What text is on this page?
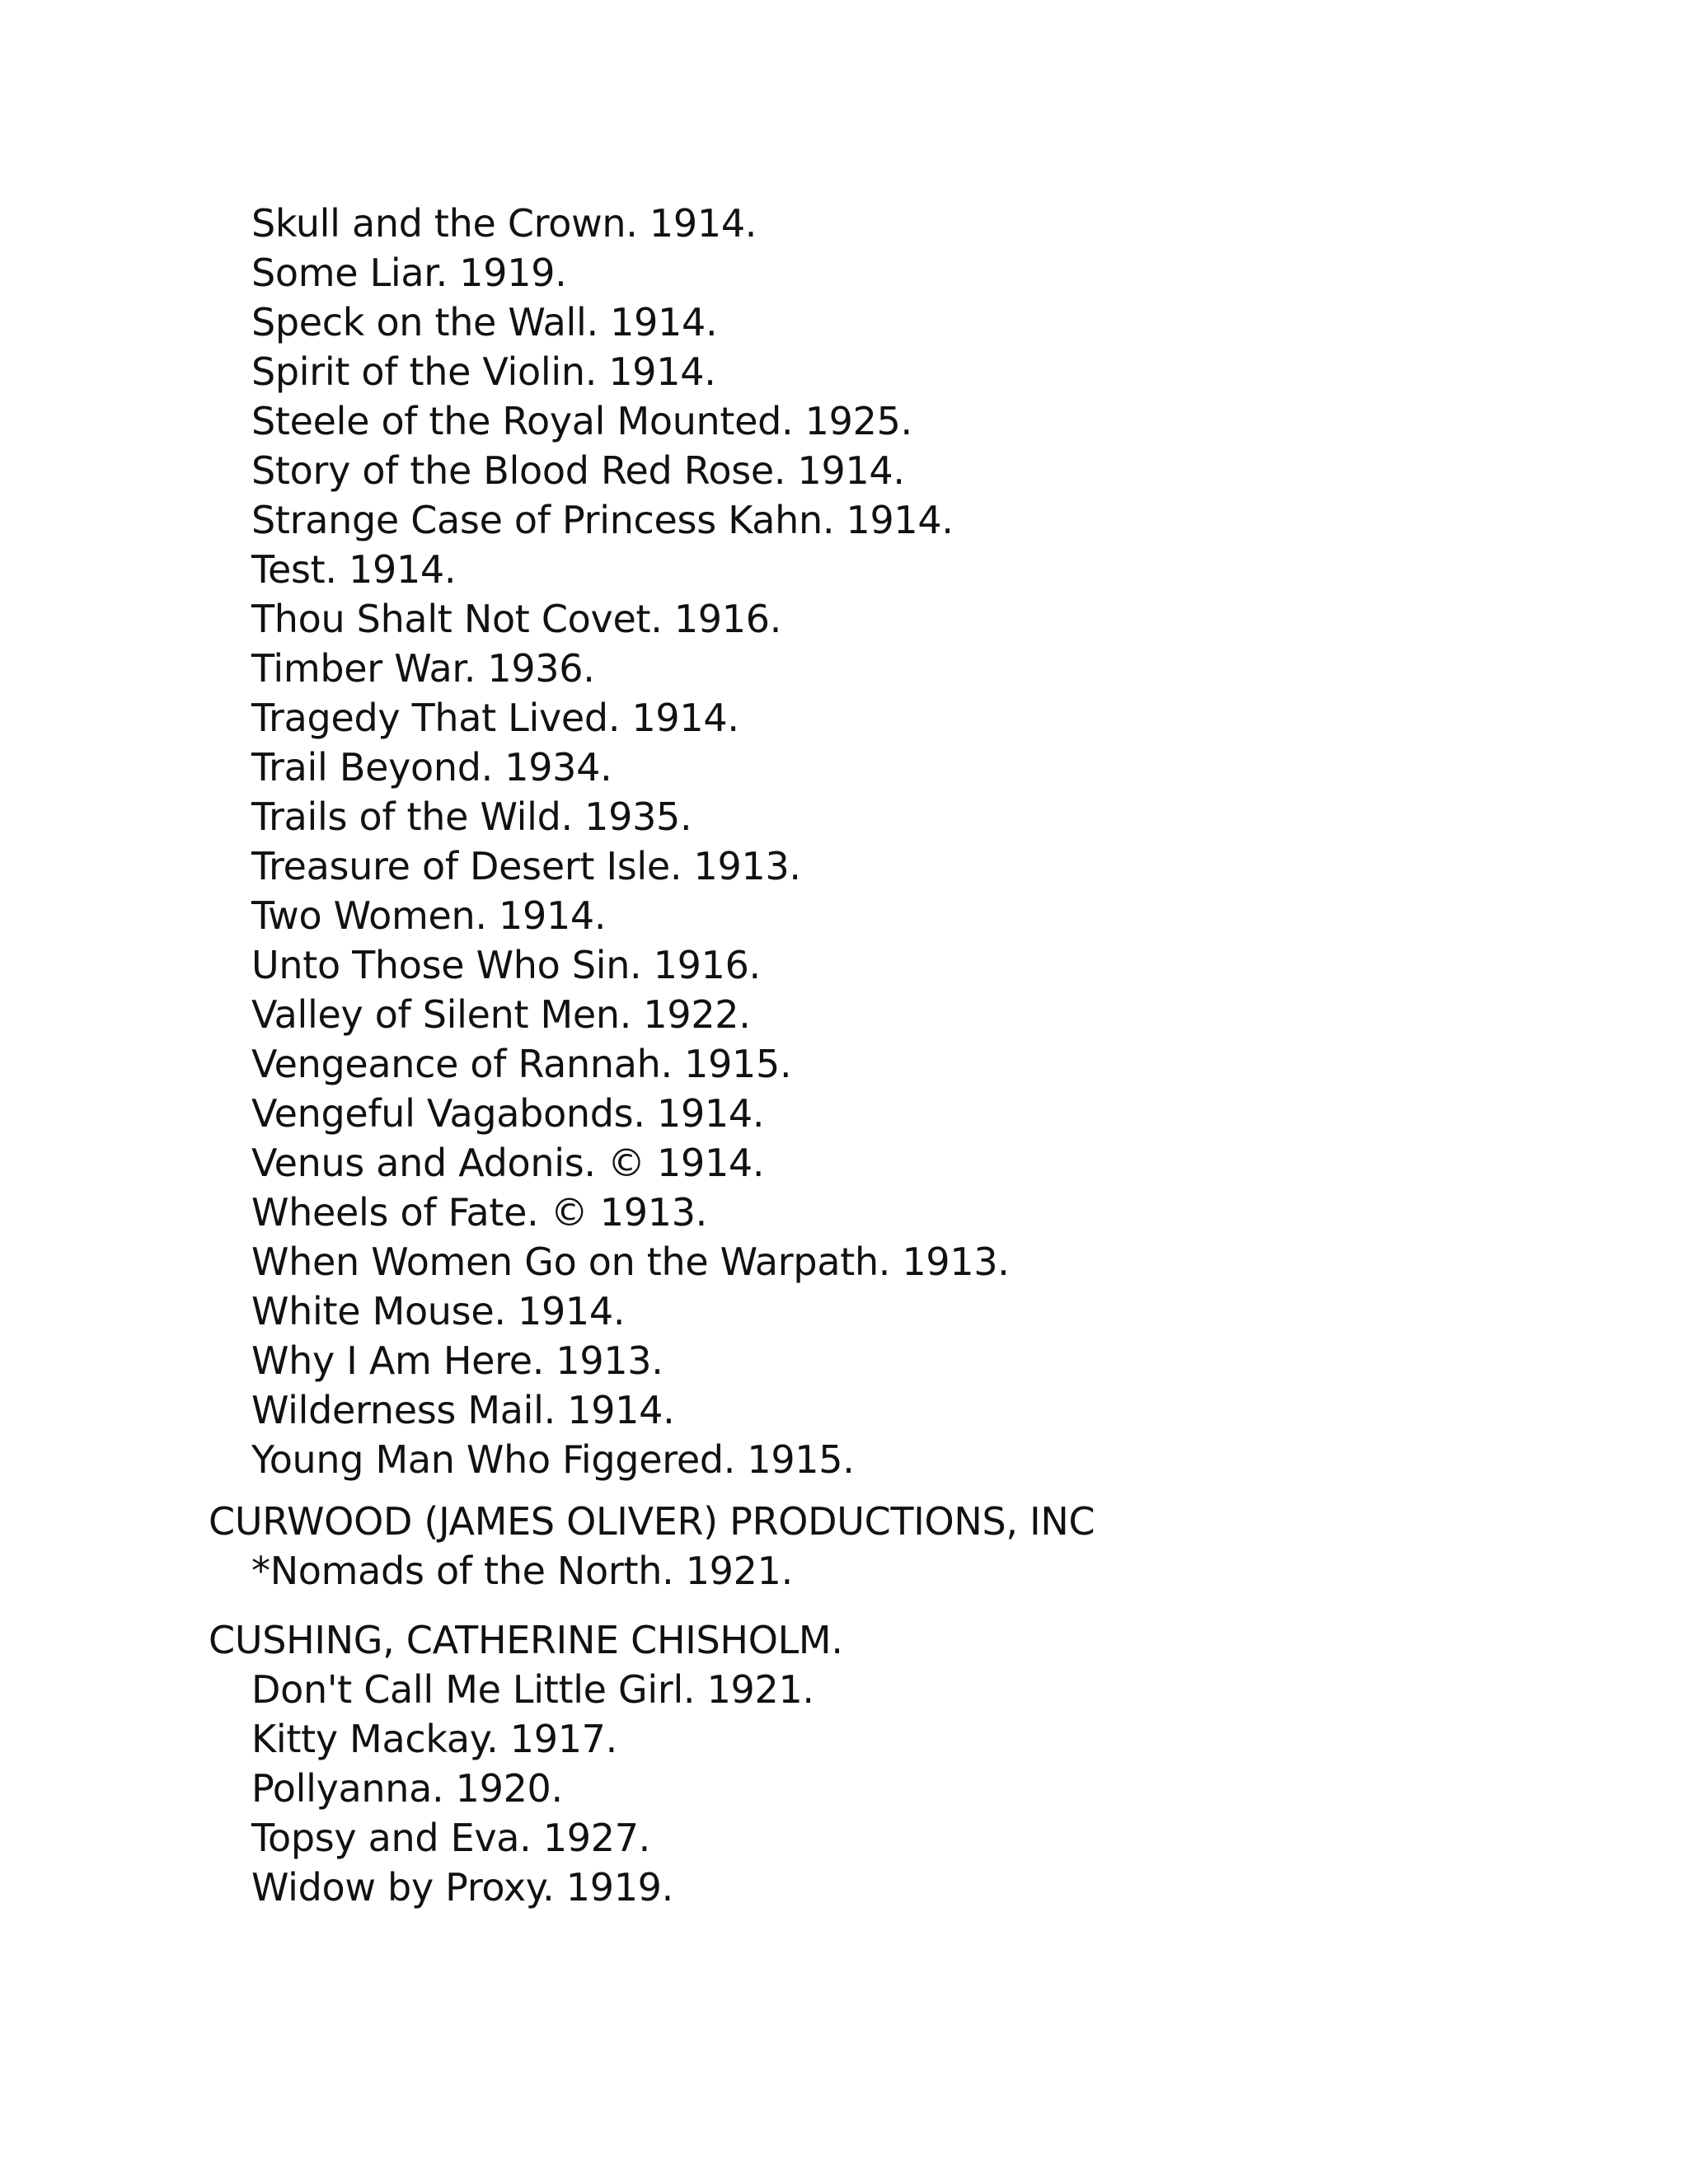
Skull and the Crown. 1914.
Some Liar. 1919.
Speck on the Wall. 1914.
Spirit of the Violin. 1914.
Steele of the Royal Mounted. 1925.
Story of the Blood Red Rose. 1914.
Strange Case of Princess Kahn. 1914.
Test. 1914.
Thou Shalt Not Covet. 1916.
Timber War. 1936.
Tragedy That Lived. 1914.
Trail Beyond. 1934.
Trails of the Wild. 1935.
Treasure of Desert Isle. 1913.
Two Women. 1914.
Unto Those Who Sin. 1916.
Valley of Silent Men. 1922.
Vengeance of Rannah. 1915.
Vengeful Vagabonds. 1914.
Venus and Adonis. © 1914.
Wheels of Fate. © 1913.
When Women Go on the Warpath. 1913.
White Mouse. 1914.
Why I Am Here. 1913.
Wilderness Mail. 1914.
Young Man Who Figgered. 1915.
CURWOOD (JAMES OLIVER) PRODUCTIONS, INC
*Nomads of the North. 1921.
CUSHING, CATHERINE CHISHOLM.
Don't Call Me Little Girl. 1921.
Kitty Mackay. 1917.
Pollyanna. 1920.
Topsy and Eva. 1927.
Widow by Proxy. 1919.
